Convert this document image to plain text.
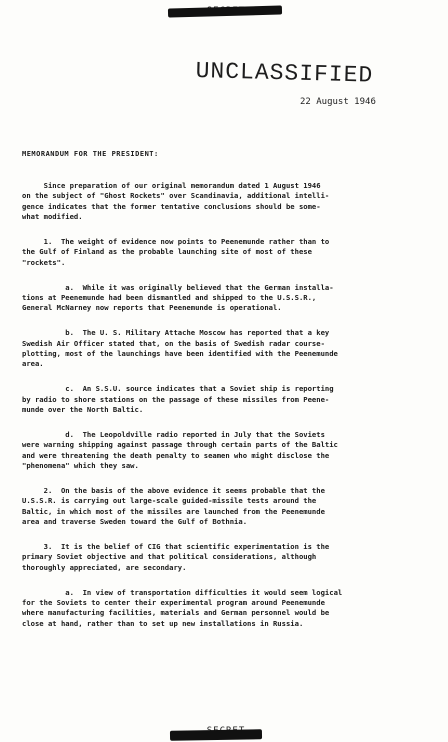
UNCLASSIFIED
22 August 1946
MEMORANDUM FOR THE PRESIDENT:

Since preparation of our original memorandum dated 1 August 1946
on the subject of "Ghost Rockets" over Scandinavia, additional intelli-
gence indicates that the former tentative conclusions should be some-
what modified.

1.  The weight of evidence now points to Peenemunde rather than to
the Gulf of Finland as the probable launching site of most of these
"rockets".

a.  While it was originally believed that the German installa-
tions at Peenemunde had been dismantled and shipped to the U.S.S.R.,
General McNarney now reports that Peenemunde is operational.

b.  The U. S. Military Attache Moscow has reported that a key
Swedish Air Officer stated that, on the basis of Swedish radar course-
plotting, most of the launchings have been identified with the Peenemunde
area.

c.  An S.S.U. source indicates that a Soviet ship is reporting
by radio to shore stations on the passage of these missiles from Peene-
munde over the North Baltic.

d.  The Leopoldville radio reported in July that the Soviets
were warning shipping against passage through certain parts of the Baltic
and were threatening the death penalty to seamen who might disclose the
"phenomena" which they saw.

2.  On the basis of the above evidence it seems probable that the
U.S.S.R. is carrying out large-scale guided-missile tests around the
Baltic, in which most of the missiles are launched from the Peenemunde
area and traverse Sweden toward the Gulf of Bothnia.

3.  It is the belief of CIG that scientific experimentation is the
primary Soviet objective and that political considerations, although
thoroughly appreciated, are secondary.

a.  In view of transportation difficulties it would seem logical
for the Soviets to center their experimental program around Peenemunde
where manufacturing facilities, materials and German personnel would be
close at hand, rather than to set up new installations in Russia.
